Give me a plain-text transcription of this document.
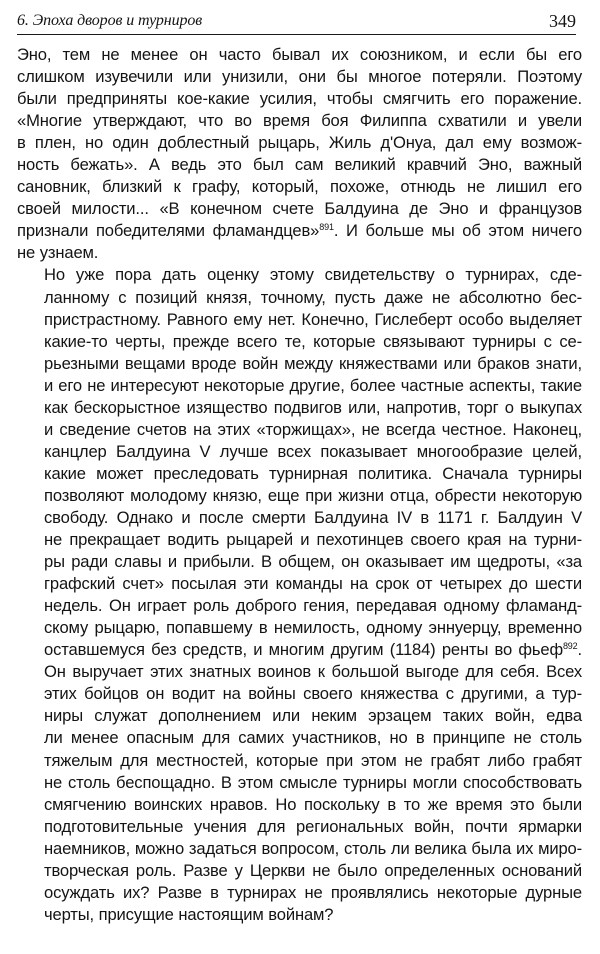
6. Эпоха дворов и турниров	349

Эно, тем не менее он часто бывал их союзником, и если бы его
слишком изувечили или унизили, они бы многое потеряли. Поэтому
были предприняты кое-какие усилия, чтобы смягчить его поражение.
«Многие утверждают, что во время боя Филиппа схватили и увели
в плен, но один доблестный рыцарь, Жиль д'Онуа, дал ему возмож-
ность бежать». А ведь это был сам великий кравчий Эно, важный
сановник, близкий к графу, который, похоже, отнюдь не лишил его
своей милости... «В конечном счете Балдуина де Эно и французов
признали победителями фламандцев»$^{891}$. И больше мы об этом ничего
не узнаем.

Но уже пора дать оценку этому свидетельству о турнирах, сде-
ланному с позиций князя, точному, пусть даже не абсолютно бес-
пристрастному. Равного ему нет. Конечно, Гислеберт особо выделяет
какие-то черты, прежде всего те, которые связывают турниры с се-
рьезными вещами вроде войн между княжествами или браков знати,
и его не интересуют некоторые другие, более частные аспекты, такие
как бескорыстное изящество подвигов или, напротив, торг о выкупах
и сведение счетов на этих «торжищах», не всегда честное. Наконец,
канцлер Балдуина V лучше всех показывает многообразие целей,
какие может преследовать турнирная политика. Сначала турниры
позволяют молодому князю, еще при жизни отца, обрести некоторую
свободу. Однако и после смерти Балдуина IV в 1171 г. Балдуин V
не прекращает водить рыцарей и пехотинцев своего края на турни-
ры ради славы и прибыли. В общем, он оказывает им щедроты, «за
графский счет» посылая эти команды на срок от четырех до шести
недель. Он играет роль доброго гения, передавая одному фламанд-
скому рыцарю, попавшему в немилость, одному эннуерцу, временно
оставшемуся без средств, и многим другим (1184) ренты во фьеф$^{892}$.
Он выручает этих знатных воинов к большой выгоде для себя. Всех
этих бойцов он водит на войны своего княжества с другими, а тур-
ниры служат дополнением или неким эрзацем таких войн, едва
ли менее опасным для самих участников, но в принципе не столь
тяжелым для местностей, которые при этом не грабят либо грабят
не столь беспощадно. В этом смысле турниры могли способствовать
смягчению воинских нравов. Но поскольку в то же время это были
подготовительные учения для региональных войн, почти ярмарки
наемников, можно задаться вопросом, столь ли велика была их миро-
творческая роль. Разве у Церкви не было определенных оснований
осуждать их? Разве в турнирах не проявлялись некоторые дурные
черты, присущие настоящим войнам?
